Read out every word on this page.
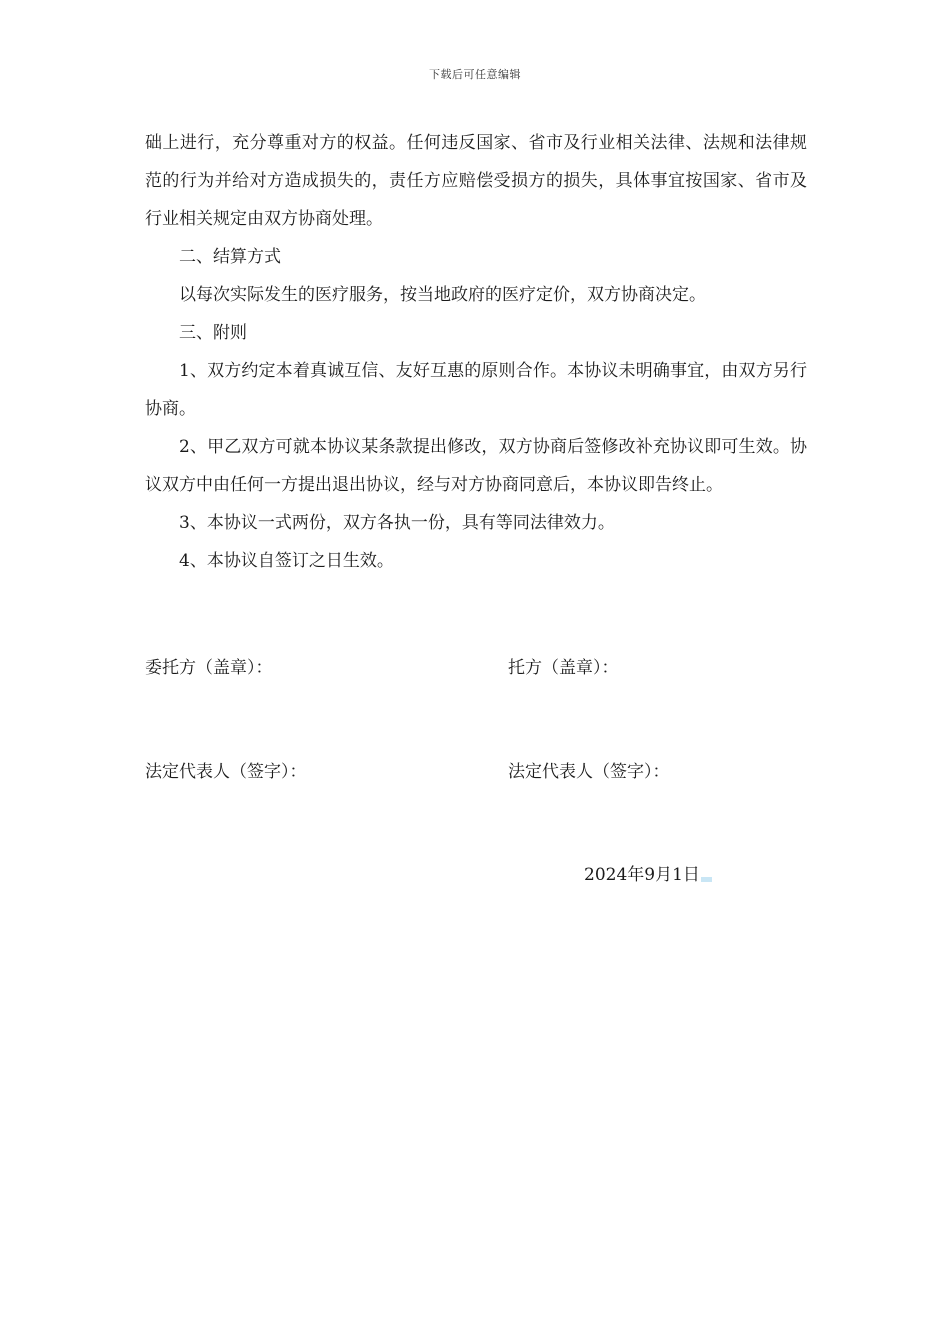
下载后可任意编辑

础上进行，充分尊重对方的权益。任何违反国家、省市及行业相关法律、法规和法律规范的行为并给对方造成损失的，责任方应赔偿受损方的损失，具体事宜按国家、省市及行业相关规定由双方协商处理。

二、结算方式

以每次实际发生的医疗服务，按当地政府的医疗定价，双方协商决定。

三、附则

1、双方约定本着真诚互信、友好互惠的原则合作。本协议未明确事宜，由双方另行协商。

2、甲乙双方可就本协议某条款提出修改，双方协商后签修改补充协议即可生效。协议双方中由任何一方提出退出协议，经与对方协商同意后，本协议即告终止。

3、本协议一式两份，双方各执一份，具有等同法律效力。

4、本协议自签订之日生效。

委托方（盖章）：	托方（盖章）：
法定代表人（签字）：	法定代表人（签字）：
2024年9月1日
